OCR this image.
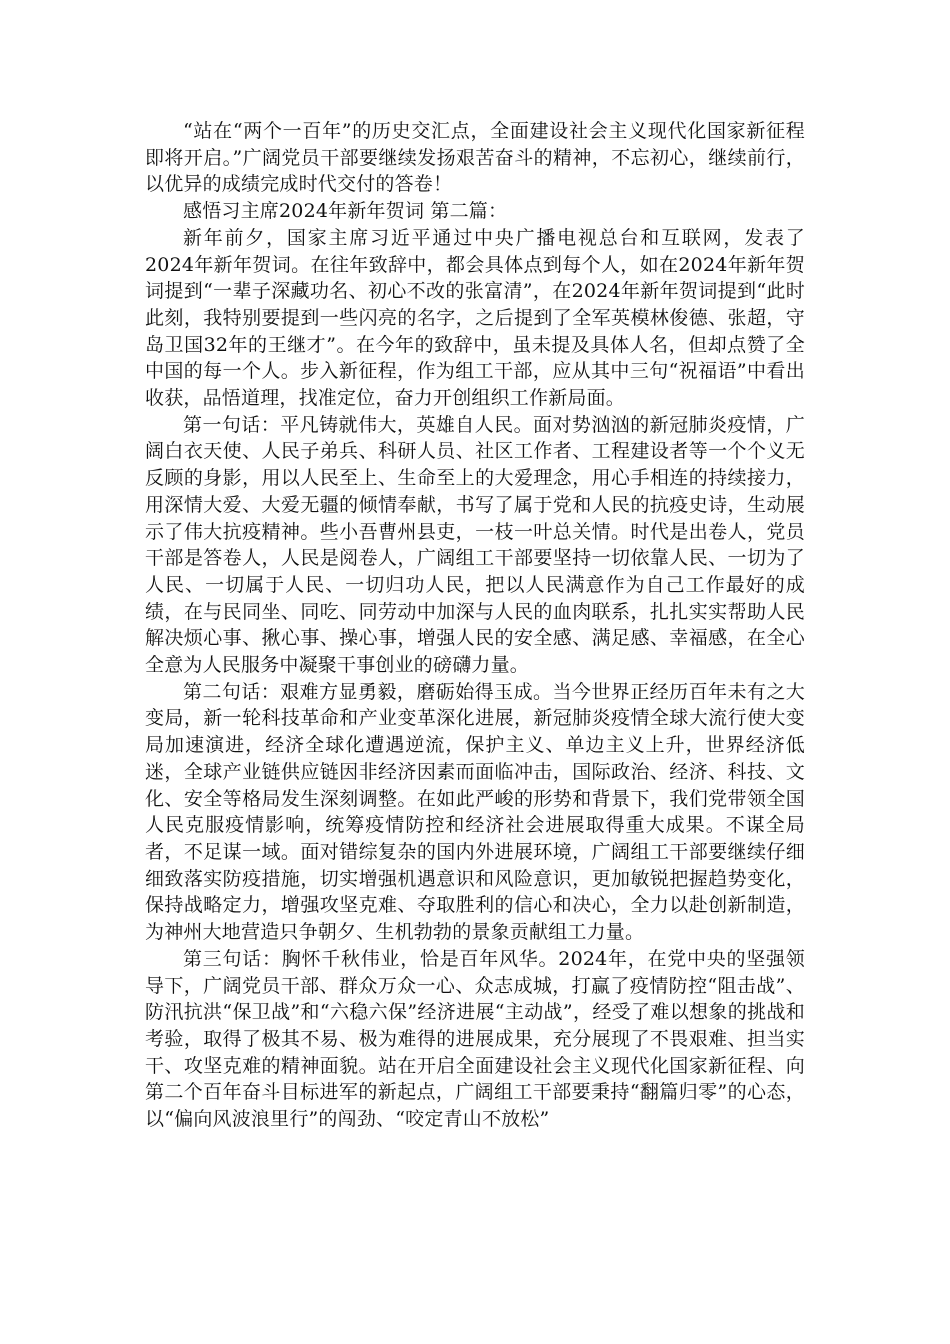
“站在“两个一百年”的历史交汇点，全面建设社会主义现代化国家新征程即将开启。”广阔党员干部要继续发扬艰苦奋斗的精神，不忘初心，继续前行，以优异的成绩完成时代交付的答卷！

感悟习主席2024年新年贺词 第二篇：

新年前夕，国家主席习近平通过中央广播电视总台和互联网，发表了2024年新年贺词。在往年致辞中，都会具体点到每个人，如在2024年新年贺词提到“一辈子深藏功名、初心不改的张富清”，在2024年新年贺词提到“此时此刻，我特别要提到一些闪亮的名字，之后提到了全军英模林俊德、张超，守岛卫国32年的王继才”。在今年的致辞中，虽未提及具体人名，但却点赞了全中国的每一个人。步入新征程，作为组工干部，应从其中三句“祝福语”中看出收获，品悟道理，找准定位，奋力开创组织工作新局面。

第一句话：平凡铸就伟大，英雄自人民。面对势汹汹的新冠肺炎疫情，广阔白衣天使、人民子弟兵、科研人员、社区工作者、工程建设者等一个个义无反顾的身影，用以人民至上、生命至上的大爱理念，用心手相连的持续接力，用深情大爱、大爱无疆的倾情奉献，书写了属于党和人民的抗疫史诗，生动展示了伟大抗疫精神。些小吾曹州县吏，一枝一叶总关情。时代是出卷人，党员干部是答卷人，人民是阅卷人，广阔组工干部要坚持一切依靠人民、一切为了人民、一切属于人民、一切归功人民，把以人民满意作为自己工作最好的成绩，在与民同坐、同吃、同劳动中加深与人民的血肉联系，扎扎实实帮助人民解决烦心事、揪心事、操心事，增强人民的安全感、满足感、幸福感，在全心全意为人民服务中凝聚干事创业的磅礴力量。

第二句话：艰难方显勇毅，磨砺始得玉成。当今世界正经历百年未有之大变局，新一轮科技革命和产业变革深化进展，新冠肺炎疫情全球大流行使大变局加速演进，经济全球化遭遇逆流，保护主义、单边主义上升，世界经济低迷，全球产业链供应链因非经济因素而面临冲击，国际政治、经济、科技、文化、安全等格局发生深刻调整。在如此严峻的形势和背景下，我们党带领全国人民克服疫情影响，统筹疫情防控和经济社会进展取得重大成果。不谋全局者，不足谋一域。面对错综复杂的国内外进展环境，广阔组工干部要继续仔细细致落实防疫措施，切实增强机遇意识和风险意识，更加敏锐把握趋势变化，保持战略定力，增强攻坚克难、夺取胜利的信心和决心，全力以赴创新制造，为神州大地营造只争朝夕、生机勃勃的景象贡献组工力量。

第三句话：胸怀千秋伟业，恰是百年风华。2024年，在党中央的坚强领导下，广阔党员干部、群众万众一心、众志成城，打赢了疫情防控“阻击战”、防汛抗洪“保卫战”和“六稳六保”经济进展“主动战”，经受了难以想象的挑战和考验，取得了极其不易、极为难得的进展成果，充分展现了不畏艰难、担当实干、攻坚克难的精神面貌。站在开启全面建设社会主义现代化国家新征程、向第二个百年奋斗目标进军的新起点，广阔组工干部要秉持“翻篇归零”的心态，以“偏向风波浪里行”的闯劲、“咬定青山不放松”
